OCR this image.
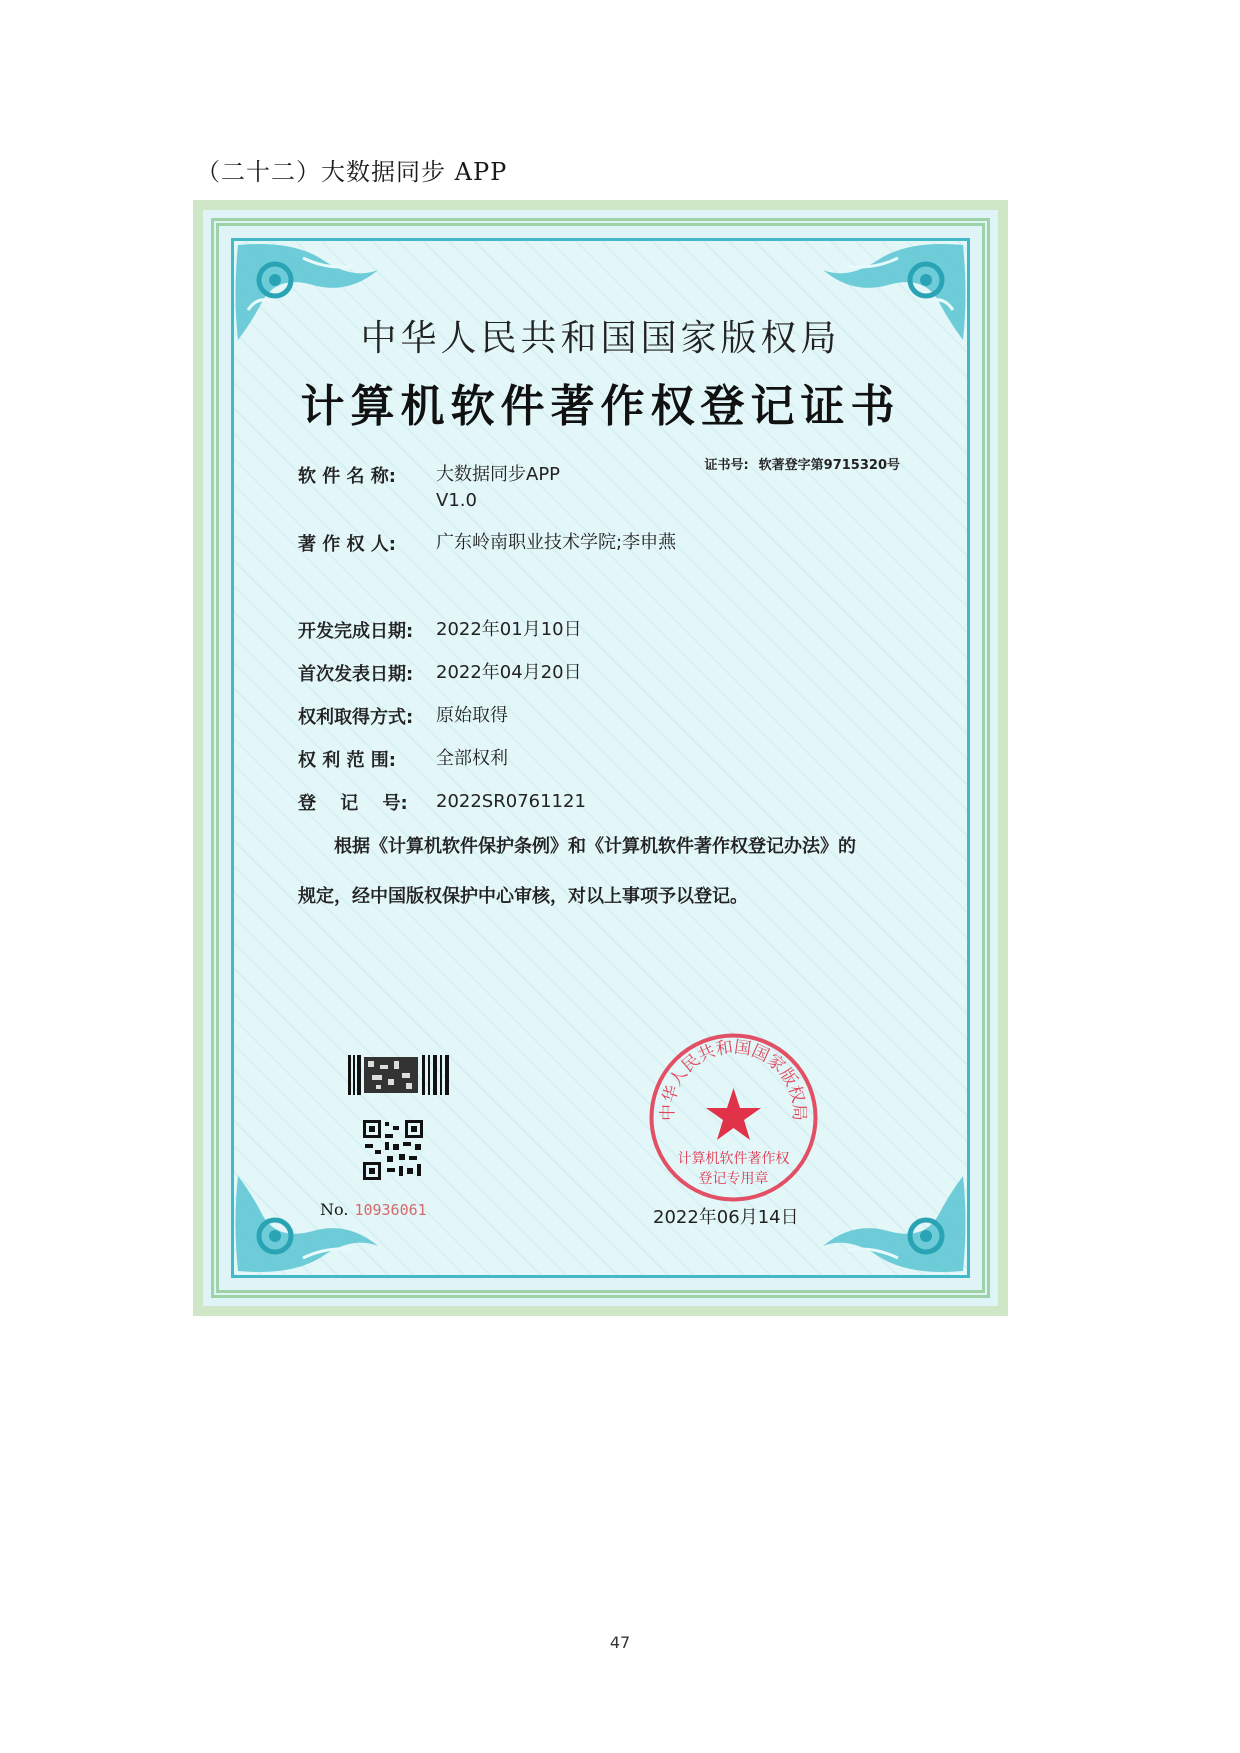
（二十二）大数据同步 APP
中华人民共和国国家版权局
计算机软件著作权登记证书
证书号: 软著登字第9715320号
软 件 名 称:	大数据同步APP
V1.0
著 作 权 人:	广东岭南职业技术学院;李申燕
开发完成日期:	2022年01月10日
首次发表日期:	2022年04月20日
权利取得方式:	原始取得
权 利 范 围:	全部权利
登　 记　 号:	2022SR0761121
根据《计算机软件保护条例》和《计算机软件著作权登记办法》的
规定，经中国版权保护中心审核，对以上事项予以登记。
No. 10936061
中华人民共和国国家版权局
计算机软件著作权
登记专用章
2022年06月14日
47
